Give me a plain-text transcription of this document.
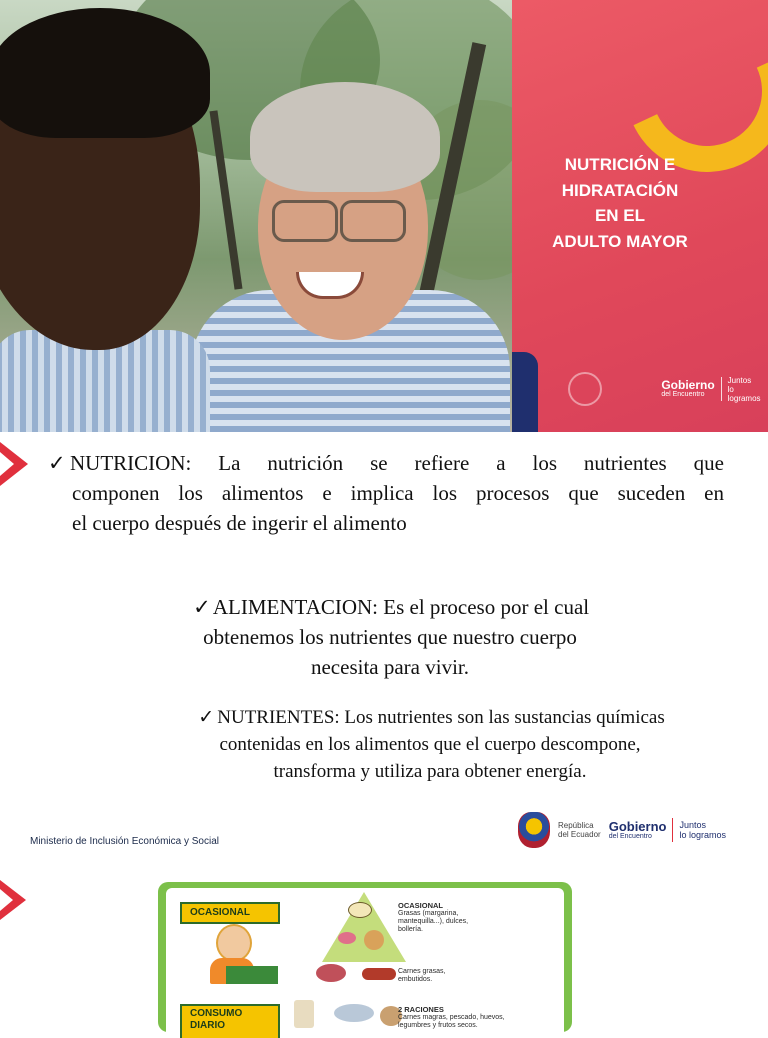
NUTRICIÓN E
HIDRATACIÓN
EN EL
ADULTO MAYOR

Gobierno
del Encuentro
Juntos
lo logramos
✓ NUTRICION: La nutrición se refiere a los nutrientes que
componen los alimentos e implica los procesos que suceden en
el cuerpo después de ingerir el alimento
✓ ALIMENTACION: Es el proceso por el cual
obtenemos los nutrientes que nuestro cuerpo
necesita para vivir.
✓ NUTRIENTES: Los nutrientes son las sustancias químicas
contenidas en los alimentos que el cuerpo descompone,
transforma y utiliza para obtener energía.
Ministerio de Inclusión Económica y Social
República
del Ecuador
Gobierno
del Encuentro
Juntos
lo logramos
OCASIONAL
CONSUMO DIARIO
OCASIONAL
Grasas (margarina,
mantequilla...), dulces,
bollería.
Carnes grasas,
embutidos.
2 RACIONES
Carnes magras, pescado, huevos,
legumbres y frutos secos.
